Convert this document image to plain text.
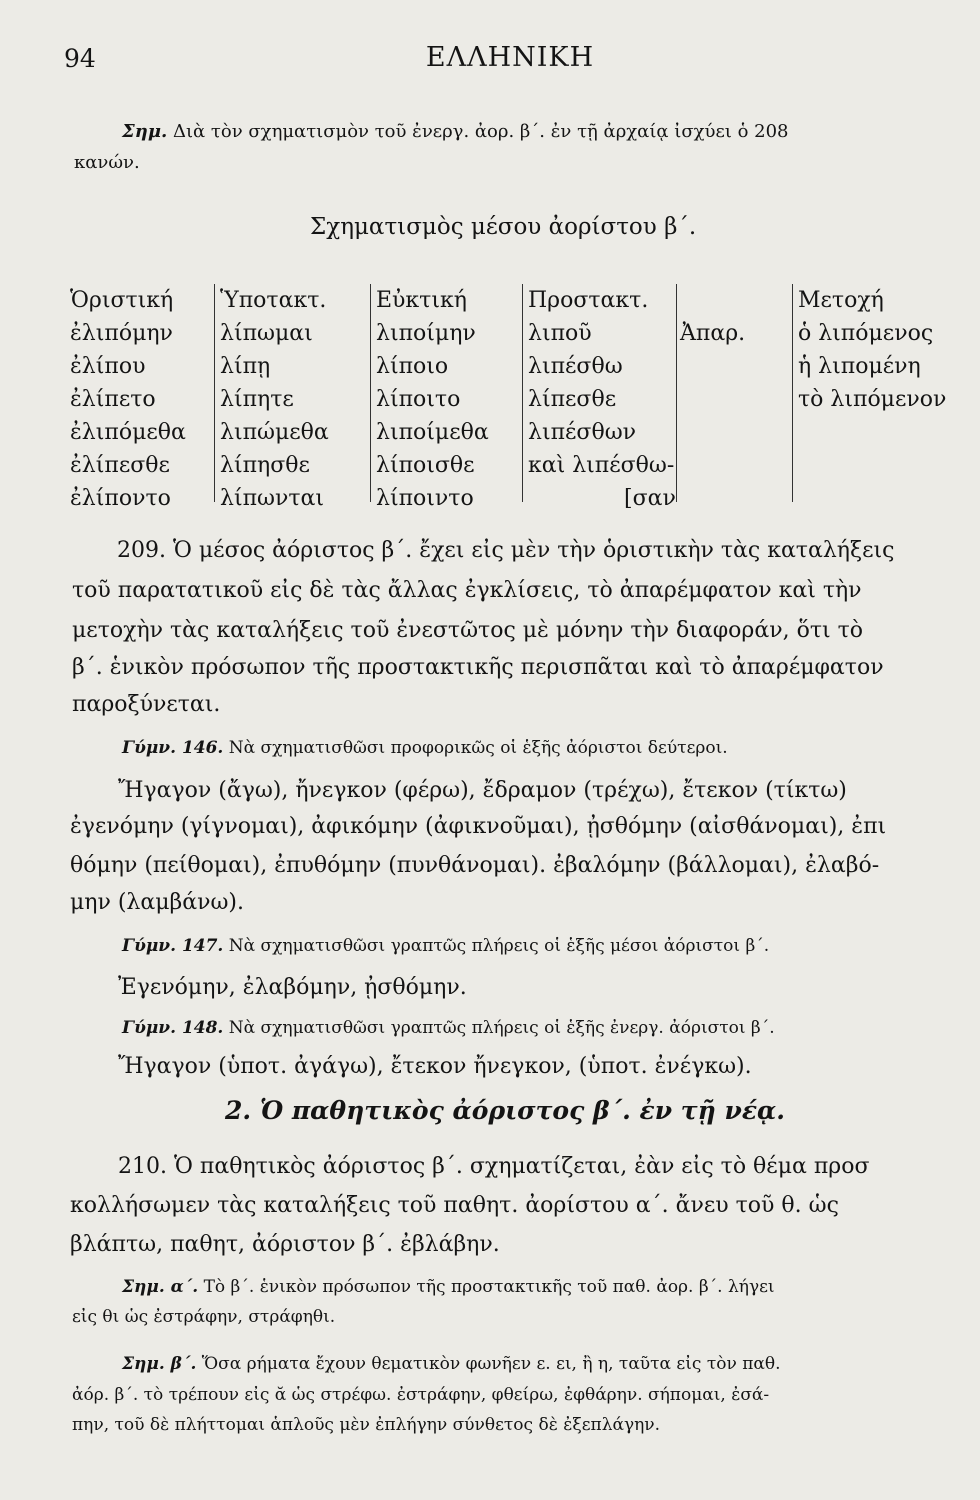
94	ΕΛΛΗΝΙΚΗ
Σημ. Διὰ τὸν σχηματισμὸν τοῦ ἐνεργ. ἀορ. β΄. ἐν τῇ ἀρχαίᾳ ἰσχύει ὁ 208
κανών.
Σχηματισμὸς μέσου ἀορίστου β΄.
Ὁριστική
ἐλιπόμην
ἐλίπου
ἐλίπετο
ἐλιπόμεθα
ἐλίπεσθε
ἐλίποντο
Ὑποτακτ.
λίπωμαι
λίπῃ
λίπητε
λιπώμεθα
λίπησθε
λίπωνται
Εὐκτική
λιποίμην
λίποιο
λίποιτο
λιποίμεθα
λίποισθε
λίποιντο
Προστακτ.
λιποῦ
λιπέσθω
λίπεσθε
λιπέσθων
καὶ λιπέσθω-
[σαν
Ἀπαρ.
Μετοχή
ὁ λιπόμενος
ἡ λιπομένη
τὸ λιπόμενον
209. Ὁ μέσος ἀόριστος β΄. ἔχει εἰς μὲν τὴν ὁριστικὴν τὰς καταλήξεις
τοῦ παρατατικοῦ εἰς δὲ τὰς ἄλλας ἐγκλίσεις, τὸ ἀπαρέμφατον καὶ τὴν
μετοχὴν τὰς καταλήξεις τοῦ ἐνεστῶτος μὲ μόνην τὴν διαφοράν, ὅτι τὸ
β΄. ἑνικὸν πρόσωπον τῆς προστακτικῆς περισπᾶται καὶ τὸ ἀπαρέμφατον
παροξύνεται.
Γύμν. 146. Νὰ σχηματισθῶσι προφορικῶς οἱ ἑξῆς ἀόριστοι δεύτεροι.
Ἤγαγον (ἄγω), ἤνεγκον (φέρω), ἔδραμον (τρέχω), ἔτεκον (τίκτω)
ἐγενόμην (γίγνομαι), ἀφικόμην (ἀφικνοῦμαι), ᾐσθόμην (αἰσθάνομαι), ἐπι
θόμην (πείθομαι), ἐπυθόμην (πυνθάνομαι). ἐβαλόμην (βάλλομαι), ἐλαβό-
μην (λαμβάνω).
Γύμν. 147. Νὰ σχηματισθῶσι γραπτῶς πλήρεις οἱ ἑξῆς μέσοι ἀόριστοι β΄.
Ἐγενόμην, ἐλαβόμην, ᾐσθόμην.
Γύμν. 148. Νὰ σχηματισθῶσι γραπτῶς πλήρεις οἱ ἑξῆς ἐνεργ. ἀόριστοι β΄.
Ἤγαγον (ὑποτ. ἀγάγω), ἔτεκον ἤνεγκον, (ὑποτ. ἐνέγκω).
2. Ὁ παθητικὸς ἀόριστος β΄. ἐν τῇ νέᾳ.
210. Ὁ παθητικὸς ἀόριστος β΄. σχηματίζεται, ἐὰν εἰς τὸ θέμα προσ
κολλήσωμεν τὰς καταλήξεις τοῦ παθητ. ἀορίστου α΄. ἄνευ τοῦ θ. ὡς
βλάπτω, παθητ, ἀόριστον β΄. ἐβλάβην.
Σημ. α΄. Τὸ β΄. ἑνικὸν πρόσωπον τῆς προστακτικῆς τοῦ παθ. ἀορ. β΄. λήγει
εἰς θι ὡς ἐστράφην, στράφηθι.
Σημ. β΄. Ὅσα ρήματα ἔχουν θεματικὸν φωνῆεν ε. ει, ἢ η, ταῦτα εἰς τὸν παθ.
ἀόρ. β΄. τὸ τρέπουν εἰς ᾰ ὡς στρέφω. ἐστράφην, φθείρω, ἐφθάρην. σήπομαι, ἐσά-
πην, τοῦ δὲ πλήττομαι ἁπλοῦς μὲν ἐπλήγην σύνθετος δὲ ἐξεπλάγην.
